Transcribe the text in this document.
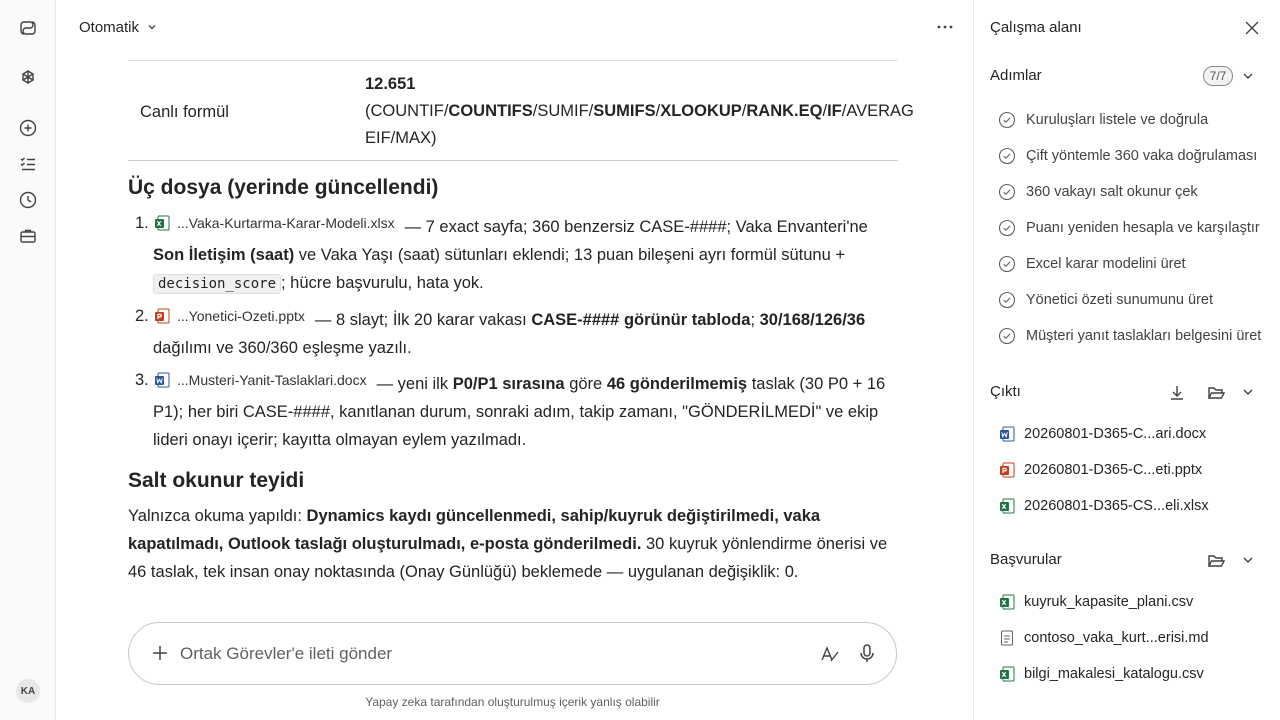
KA
Otomatik
Canlı formül
12.651
(COUNTIF/COUNTIFS/SUMIF/SUMIFS/XLOOKUP/RANK.EQ/IF/AVERAG
EIF/MAX)
Üç dosya (yerinde güncellendi)
1. ...Vaka-Kurtarma-Karar-Modeli.xlsx — 7 exact sayfa; 360 benzersiz CASE-####; Vaka Envanteri'ne Son İletişim (saat) ve Vaka Yaşı (saat) sütunları eklendi; 13 puan bileşeni ayrı formül sütunu +
decision_score ; hücre başvurulu, hata yok.
2. ...Yonetici-Ozeti.pptx — 8 slayt; İlk 20 karar vakası CASE-#### görünür tabloda; 30/168/126/36
dağılımı ve 360/360 eşleşme yazılı.
3. ...Musteri-Yanit-Taslaklari.docx — yeni ilk P0/P1 sırasına göre 46 gönderilmemiş taslak (30 P0 + 16 P1); her biri CASE-####, kanıtlanan durum, sonraki adım, takip zamanı, "GÖNDERİLMEDİ" ve ekip lideri onayı içerir; kayıtta olmayan eylem yazılmadı.
Salt okunur teyidi

Yalnızca okuma yapıldı: Dynamics kaydı güncellenmedi, sahip/kuyruk değiştirilmedi, vaka kapatılmadı, Outlook taslağı oluşturulmadı, e-posta gönderilmedi. 30 kuyruk yönlendirme önerisi ve 46 taslak, tek insan onay noktasında (Onay Günlüğü) beklemede — uygulanan değişiklik: 0.

Ortak Görevler'e ileti gönder
Yapay zeka tarafından oluşturulmuş içerik yanlış olabilir
Çalışma alanı
Adımlar	7/7
Kuruluşları listele ve doğrula
Çift yöntemle 360 vaka doğrulaması
360 vakayı salt okunur çek
Puanı yeniden hesapla ve karşılaştır
Excel karar modelini üret
Yönetici özeti sunumunu üret
Müşteri yanıt taslakları belgesini üret
Çıktı
20260801-D365-C...ari.docx
20260801-D365-C...eti.pptx
20260801-D365-CS...eli.xlsx
Başvurular
kuyruk_kapasite_plani.csv
contoso_vaka_kurt...erisi.md
bilgi_makalesi_katalogu.csv
